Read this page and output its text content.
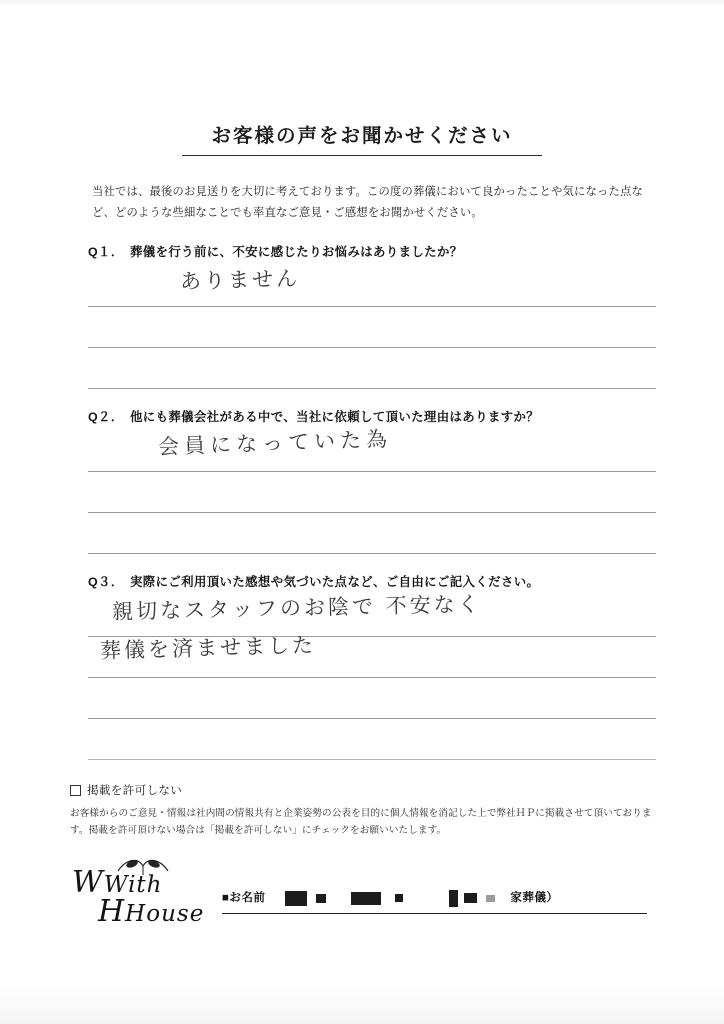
お客様の声をお聞かせください
当社では、最後のお見送りを大切に考えております。この度の葬儀において良かったことや気になった点など、どのような些細なことでも率直なご意見・ご感想をお聞かせください。
Q１． 葬儀を行う前に、不安に感じたりお悩みはありましたか？
ありません
Q２． 他にも葬儀会社がある中で、当社に依頼して頂いた理由はありますか？
会員になっていた為
Q３． 実際にご利用頂いた感想や気づいた点など、ご自由にご記入ください。
親切なスタッフのお陰で 不安なく
葬儀を済ませました
掲載を許可しない
お客様からのご意見・情報は社内間の情報共有と企業姿勢の公表を目的に個人情報を消記した上で弊社ＨＰに掲載させて頂いております。掲載を許可頂けない場合は「掲載を許可しない」にチェックをお願いいたします。
WWith
HHouse
■お名前	家葬儀）
